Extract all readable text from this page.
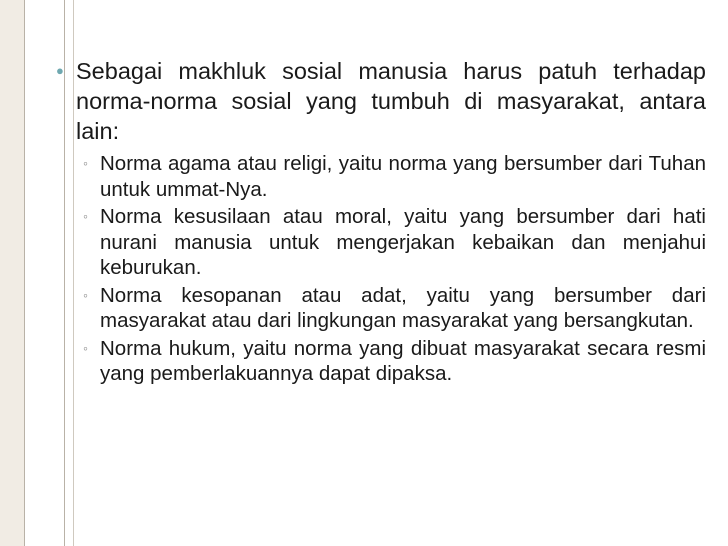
● Sebagai makhluk sosial manusia harus patuh terhadap norma-norma sosial yang tumbuh di masyarakat, antara lain:

◦ Norma agama atau religi, yaitu norma yang bersumber dari Tuhan untuk ummat-Nya.

◦ Norma kesusilaan atau moral, yaitu yang bersumber dari hati nurani manusia untuk mengerjakan kebaikan dan menjahui keburukan.

◦ Norma kesopanan atau adat, yaitu yang bersumber dari masyarakat atau dari lingkungan masyarakat yang bersangkutan.

◦ Norma hukum, yaitu norma yang dibuat masyarakat secara resmi yang pemberlakuannya dapat dipaksa.
